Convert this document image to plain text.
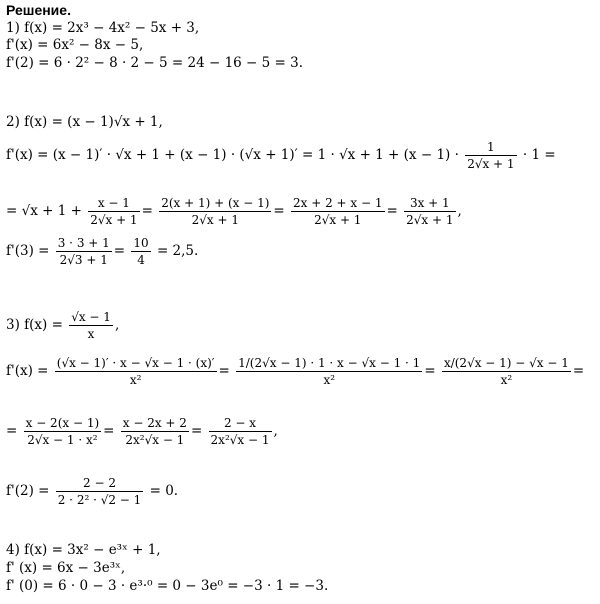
Решение.
1) f(x) = 2x³ − 4x² − 5x + 3,
f'(x) = 6x² − 8x − 5,
f'(2) = 6 · 2² − 8 · 2 − 5 = 24 − 16 − 5 = 3.
2) f(x) = (x − 1)√x + 1,
$f'(x) = (x - 1)' \cdot √x + 1 + (x - 1) \cdot (√x + 1)' = 1 \cdot √x + 1 + (x - 1) \cdot \frac{1}{2√x + 1} \cdot 1$ =
= $√x + 1 + \frac{x - 1}{2√x + 1} = \frac{2(x + 1) + (x - 1)}{2√x + 1} = \frac{2x + 2 + x - 1}{2√x + 1} = \frac{3x + 1}{2√x + 1}$ ,
$f'(3) = \frac{3 \cdot 3 + 1}{2√3 + 1} = \frac{10}{4} = 2,5$.
3) $f(x) = \frac{√x - 1}{x}$ ,
$f'(x) = \frac{(√x - 1)' \cdot x - √x - 1 \cdot (x)'}{\text{x²}} = \frac{1/(2√x - 1) \cdot 1 \cdot x - √x - 1 \cdot 1}{\text{x²}} = \frac{x/(2√x - 1) - √x - 1}{\text{x²}}$ =
= $\frac{x - 2(x - 1)}{\text{2√x − 1 · x²}} = \frac{x - 2x + 2}{\text{2x²√x − 1}} = \frac{2 - x}{\text{2x²√x − 1}}$ ,
$f'(2) = \frac{2 - 2}{\text{2 · 2² · √2 − 1}} = 0$.
4) f(x) = 3x² − e³ˣ + 1,
f' (x) = 6x − 3e³ˣ,
f' (0) = 6 · 0 − 3 · e³·⁰ = 0 − 3e⁰ = −3 · 1 = −3.
